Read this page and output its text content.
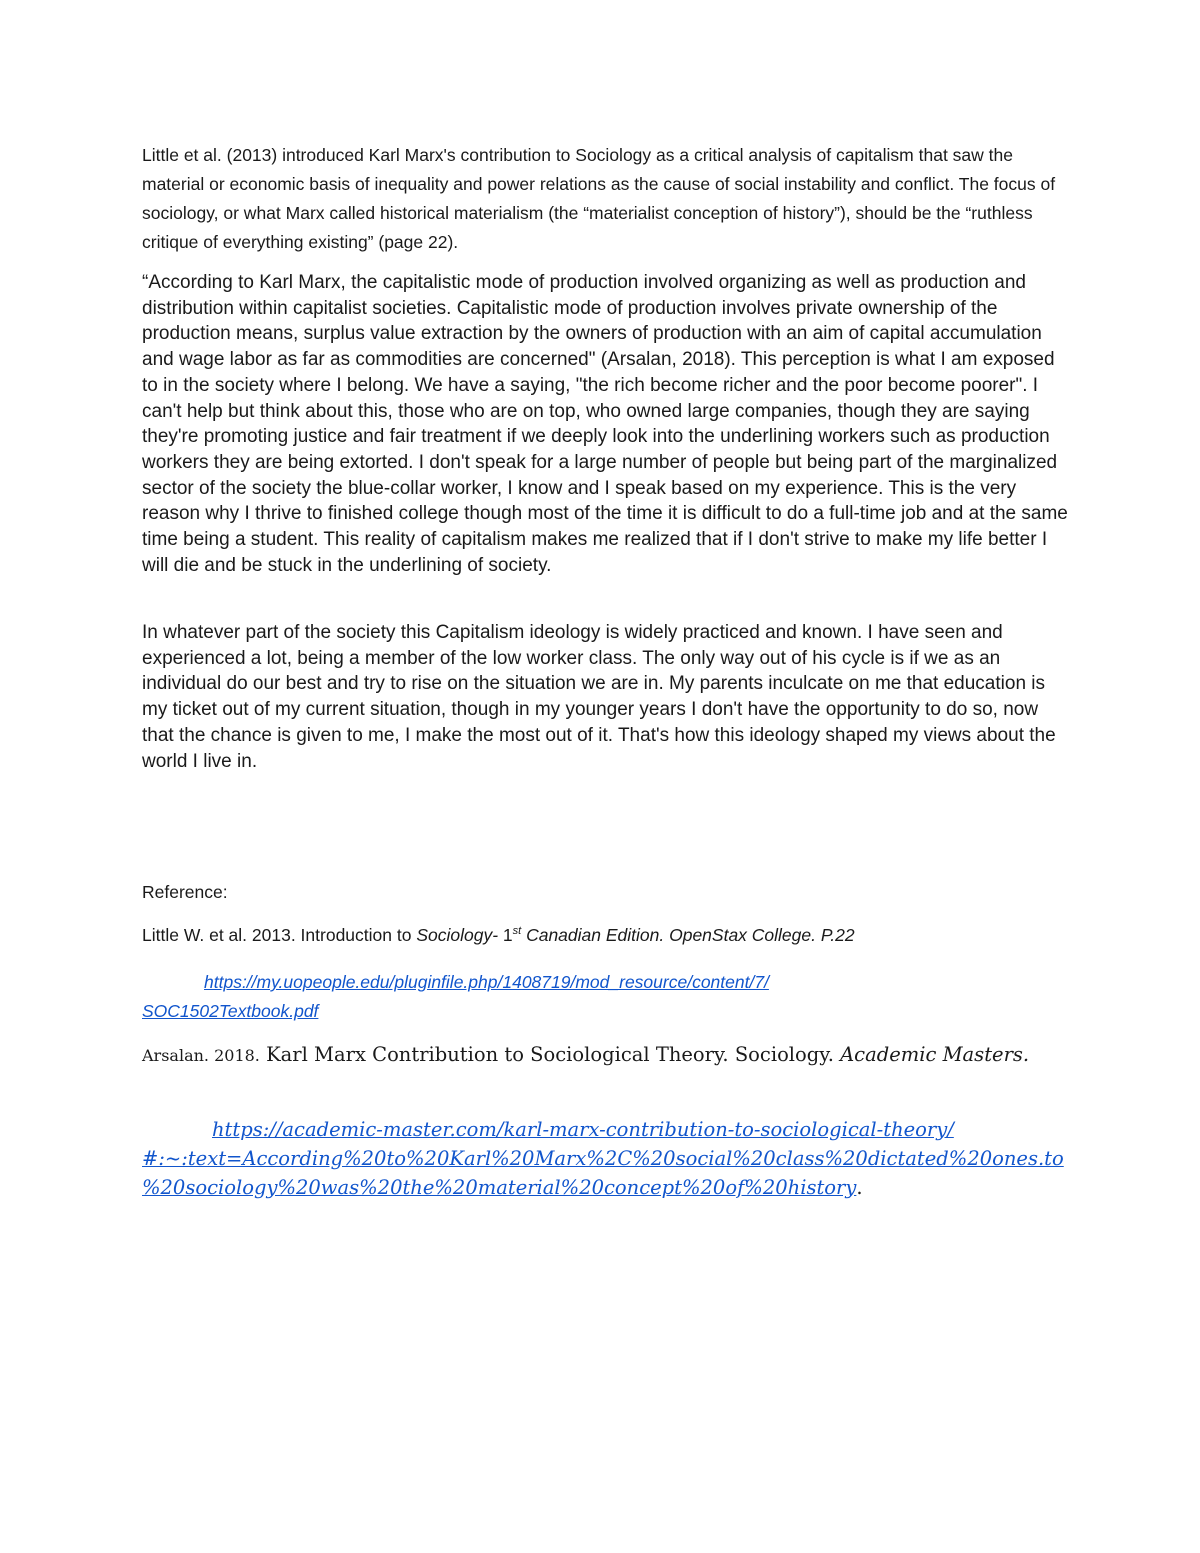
Little et al. (2013) introduced Karl Marx's contribution to Sociology as a critical analysis of capitalism that saw the material or economic basis of inequality and power relations as the cause of social instability and conflict. The focus of sociology, or what Marx called historical materialism (the “materialist conception of history”), should be the “ruthless critique of everything existing” (page 22).

“According to Karl Marx, the capitalistic mode of production involved organizing as well as production and distribution within capitalist societies. Capitalistic mode of production involves private ownership of the production means, surplus value extraction by the owners of production with an aim of capital accumulation and wage labor as far as commodities are concerned" (Arsalan, 2018). This perception is what I am exposed to in the society where I belong. We have a saying, "the rich become richer and the poor become poorer". I can't help but think about this, those who are on top, who owned large companies, though they are saying they're promoting justice and fair treatment if we deeply look into the underlining workers such as production workers they are being extorted. I don't speak for a large number of people but being part of the marginalized sector of the society the blue-collar worker, I know and I speak based on my experience. This is the very reason why I thrive to finished college though most of the time it is difficult to do a full-time job and at the same time being a student. This reality of capitalism makes me realized that if I don't strive to make my life better I will die and be stuck in the underlining of society.

In whatever part of the society this Capitalism ideology is widely practiced and known. I have seen and experienced a lot, being a member of the low worker class. The only way out of his cycle is if we as an individual do our best and try to rise on the situation we are in. My parents inculcate on me that education is my ticket out of my current situation, though in my younger years I don't have the opportunity to do so, now that the chance is given to me, I make the most out of it. That's how this ideology shaped my views about the world I live in.

Reference:

Little W. et al. 2013. Introduction to Sociology- 1st Canadian Edition. OpenStax College. P.22

https://my.uopeople.edu/pluginfile.php/1408719/mod_resource/content/7/
SOC1502Textbook.pdf

Arsalan. 2018. Karl Marx Contribution to Sociological Theory. Sociology. Academic Masters.

https://academic-master.com/karl-marx-contribution-to-sociological-theory/
#:~:text=According%20to%20Karl%20Marx%2C%20social%20class%20dictated%20ones.to
%20sociology%20was%20the%20material%20concept%20of%20history.
